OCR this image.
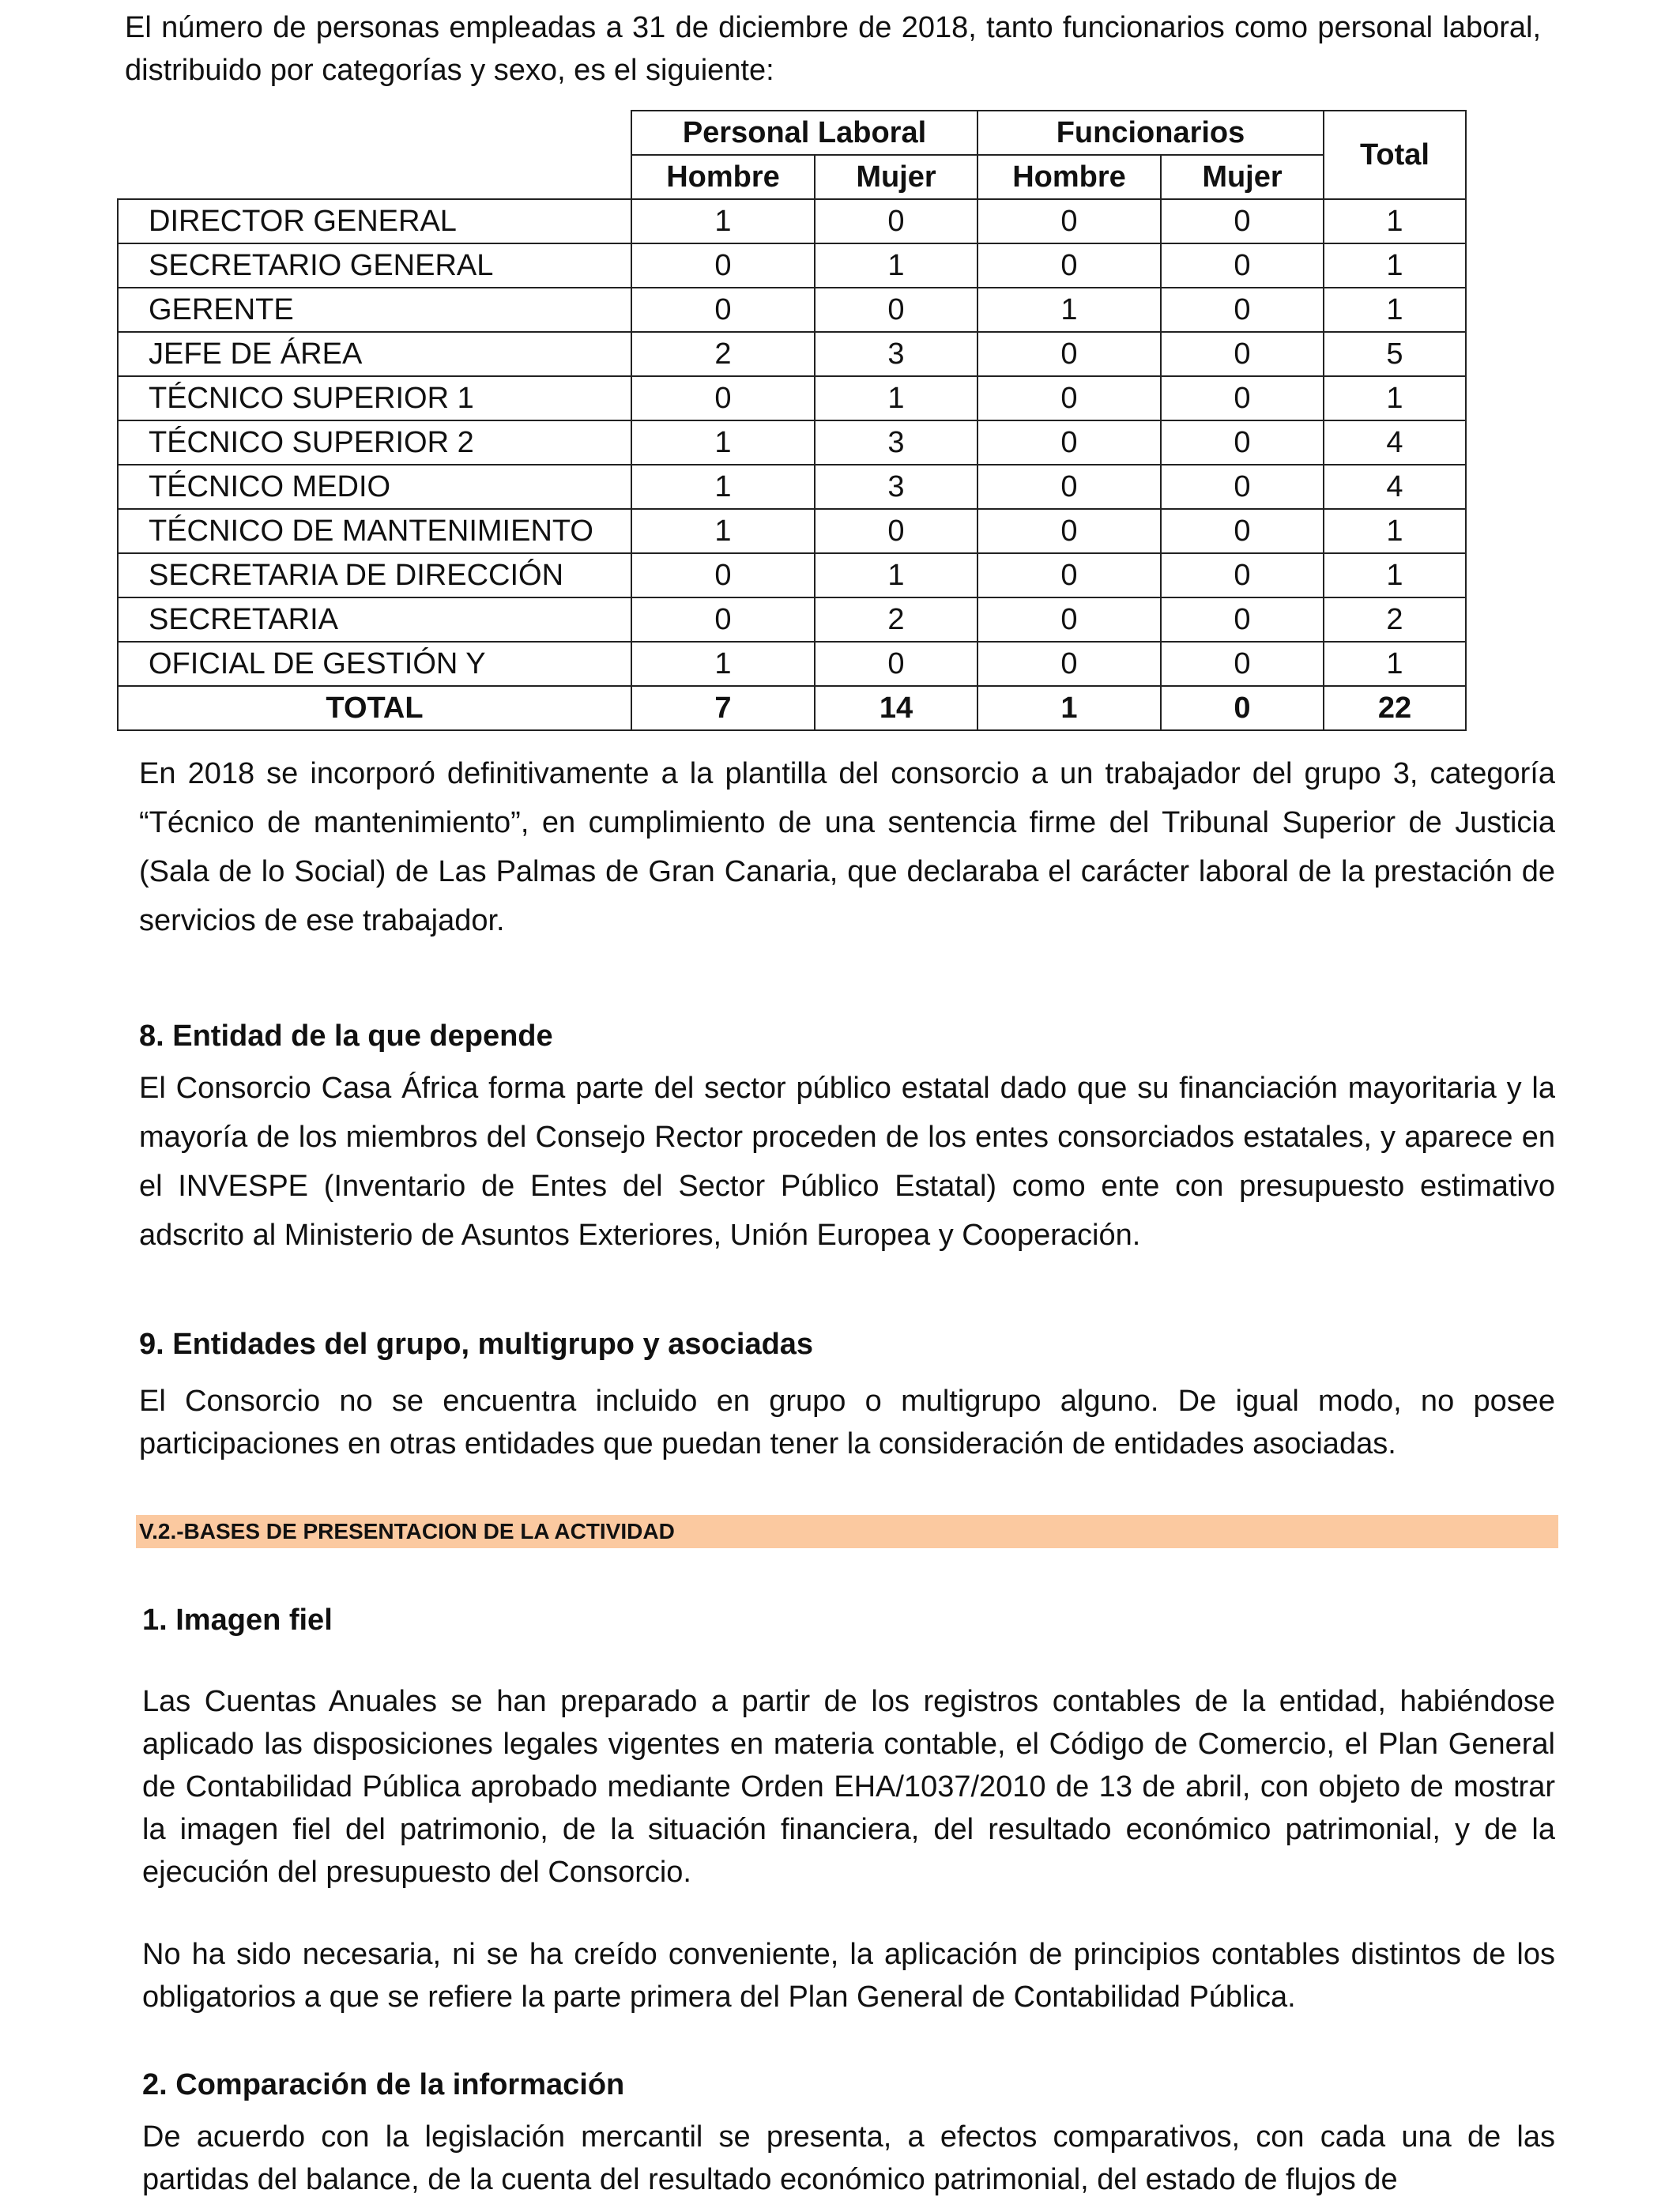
El número de personas empleadas a 31 de diciembre de 2018, tanto funcionarios como personal laboral, distribuido por categorías y sexo, es el siguiente:

	Personal Laboral		Funcionarios		Total
	Hombre	Mujer	Hombre	Mujer	
DIRECTOR GENERAL	1	0	0	0	1
SECRETARIO GENERAL	0	1	0	0	1
GERENTE	0	0	1	0	1
JEFE DE ÁREA	2	3	0	0	5
TÉCNICO SUPERIOR 1	0	1	0	0	1
TÉCNICO SUPERIOR 2	1	3	0	0	4
TÉCNICO MEDIO	1	3	0	0	4
TÉCNICO DE MANTENIMIENTO	1	0	0	0	1
SECRETARIA DE DIRECCIÓN	0	1	0	0	1
SECRETARIA	0	2	0	0	2
OFICIAL DE GESTIÓN Y	1	0	0	0	1
TOTAL	7	14	1	0	22

En 2018 se incorporó definitivamente a la plantilla del consorcio a un trabajador del grupo 3, categoría “Técnico de mantenimiento”, en cumplimiento de una sentencia firme del Tribunal Superior de Justicia (Sala de lo Social) de Las Palmas de Gran Canaria, que declaraba el carácter laboral de la prestación de servicios de ese trabajador.

8. Entidad de la que depende

El Consorcio Casa África forma parte del sector público estatal dado que su financiación mayoritaria y la mayoría de los miembros del Consejo Rector proceden de los entes consorciados estatales, y aparece en el INVESPE (Inventario de Entes del Sector Público Estatal) como ente con presupuesto estimativo adscrito al Ministerio de Asuntos Exteriores, Unión Europea y Cooperación.

9. Entidades del grupo, multigrupo y asociadas

El Consorcio no se encuentra incluido en grupo o multigrupo alguno. De igual modo, no posee participaciones en otras entidades que puedan tener la consideración de entidades asociadas.

V.2.-BASES DE PRESENTACION DE LA ACTIVIDAD
1. Imagen fiel

Las Cuentas Anuales se han preparado a partir de los registros contables de la entidad, habiéndose aplicado las disposiciones legales vigentes en materia contable, el Código de Comercio, el Plan General de Contabilidad Pública aprobado mediante Orden EHA/1037/2010 de 13 de abril, con objeto de mostrar la imagen fiel del patrimonio, de la situación financiera, del resultado económico patrimonial, y de la ejecución del presupuesto del Consorcio.

No ha sido necesaria, ni se ha creído conveniente, la aplicación de principios contables distintos de los obligatorios a que se refiere la parte primera del Plan General de Contabilidad Pública.

2. Comparación de la información

De acuerdo con la legislación mercantil se presenta, a efectos comparativos, con cada una de las partidas del balance, de la cuenta del resultado económico patrimonial, del estado de flujos de
